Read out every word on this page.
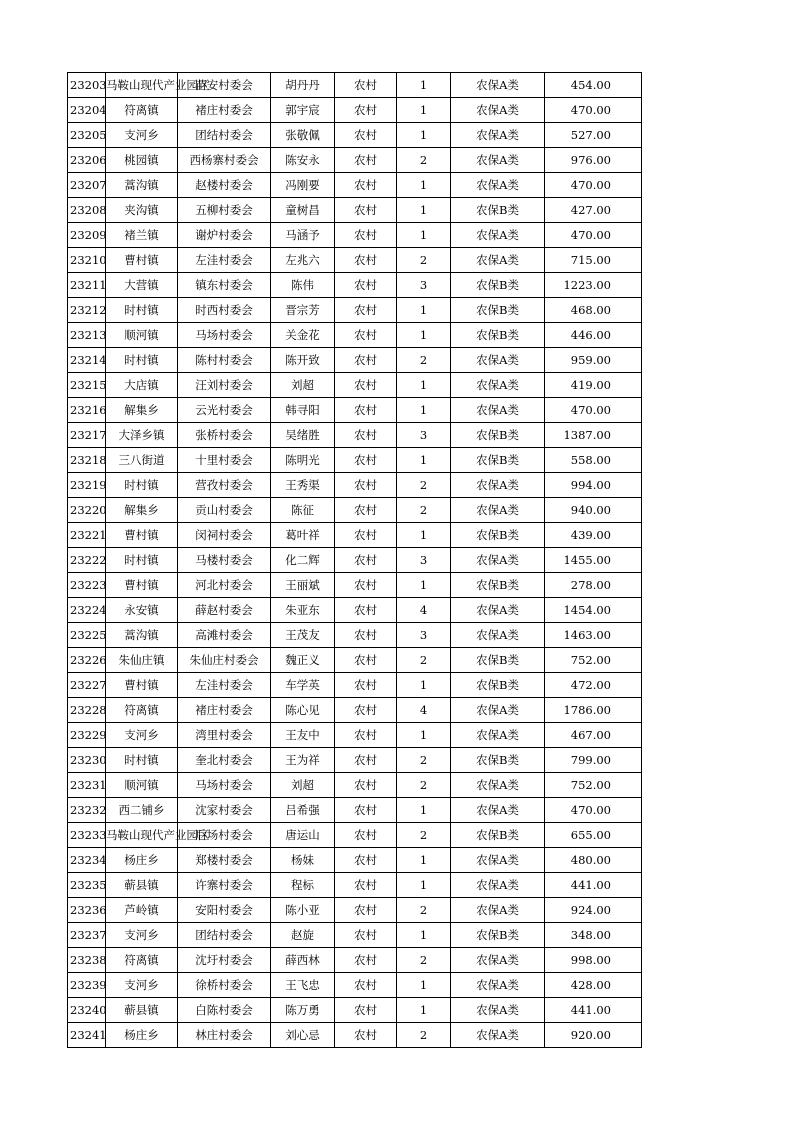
23203	马鞍山现代产业园区	苗安村委会	胡丹丹	农村	1	农保A类	454.00
23204	符离镇	褚庄村委会	郭宇宸	农村	1	农保A类	470.00
23205	支河乡	团结村委会	张敬佩	农村	1	农保A类	527.00
23206	桃园镇	西杨寨村委会	陈安永	农村	2	农保A类	976.00
23207	蒿沟镇	赵楼村委会	冯刚要	农村	1	农保A类	470.00
23208	夹沟镇	五柳村委会	童树昌	农村	1	农保B类	427.00
23209	褚兰镇	谢炉村委会	马涵予	农村	1	农保A类	470.00
23210	曹村镇	左洼村委会	左兆六	农村	2	农保A类	715.00
23211	大营镇	镇东村委会	陈伟	农村	3	农保B类	1223.00
23212	时村镇	时西村委会	晋宗芳	农村	1	农保B类	468.00
23213	顺河镇	马场村委会	关金花	农村	1	农保B类	446.00
23214	时村镇	陈村村委会	陈开致	农村	2	农保A类	959.00
23215	大店镇	汪刘村委会	刘超	农村	1	农保A类	419.00
23216	解集乡	云光村委会	韩寻阳	农村	1	农保A类	470.00
23217	大泽乡镇	张桥村委会	吴绪胜	农村	3	农保B类	1387.00
23218	三八街道	十里村委会	陈明光	农村	1	农保B类	558.00
23219	时村镇	营孜村委会	王秀渠	农村	2	农保A类	994.00
23220	解集乡	贡山村委会	陈征	农村	2	农保A类	940.00
23221	曹村镇	闵祠村委会	葛叶祥	农村	1	农保B类	439.00
23222	时村镇	马楼村委会	化二辉	农村	3	农保A类	1455.00
23223	曹村镇	河北村委会	王丽斌	农村	1	农保B类	278.00
23224	永安镇	薛赵村委会	朱亚东	农村	4	农保A类	1454.00
23225	蒿沟镇	高滩村委会	王茂友	农村	3	农保A类	1463.00
23226	朱仙庄镇	朱仙庄村委会	魏正义	农村	2	农保B类	752.00
23227	曹村镇	左洼村委会	车学英	农村	1	农保B类	472.00
23228	符离镇	褚庄村委会	陈心见	农村	4	农保A类	1786.00
23229	支河乡	湾里村委会	王友中	农村	1	农保A类	467.00
23230	时村镇	奎北村委会	王为祥	农村	2	农保B类	799.00
23231	顺河镇	马场村委会	刘超	农村	2	农保A类	752.00
23232	西二铺乡	沈家村委会	吕希强	农村	1	农保A类	470.00
23233	马鞍山现代产业园区	后场村委会	唐运山	农村	2	农保B类	655.00
23234	杨庄乡	郑楼村委会	杨妹	农村	1	农保A类	480.00
23235	蕲县镇	许寨村委会	程标	农村	1	农保A类	441.00
23236	芦岭镇	安阳村委会	陈小亚	农村	2	农保A类	924.00
23237	支河乡	团结村委会	赵旋	农村	1	农保B类	348.00
23238	符离镇	沈圩村委会	薛西林	农村	2	农保A类	998.00
23239	支河乡	徐桥村委会	王飞忠	农村	1	农保A类	428.00
23240	蕲县镇	白陈村委会	陈万勇	农村	1	农保A类	441.00
23241	杨庄乡	林庄村委会	刘心忌	农村	2	农保A类	920.00
